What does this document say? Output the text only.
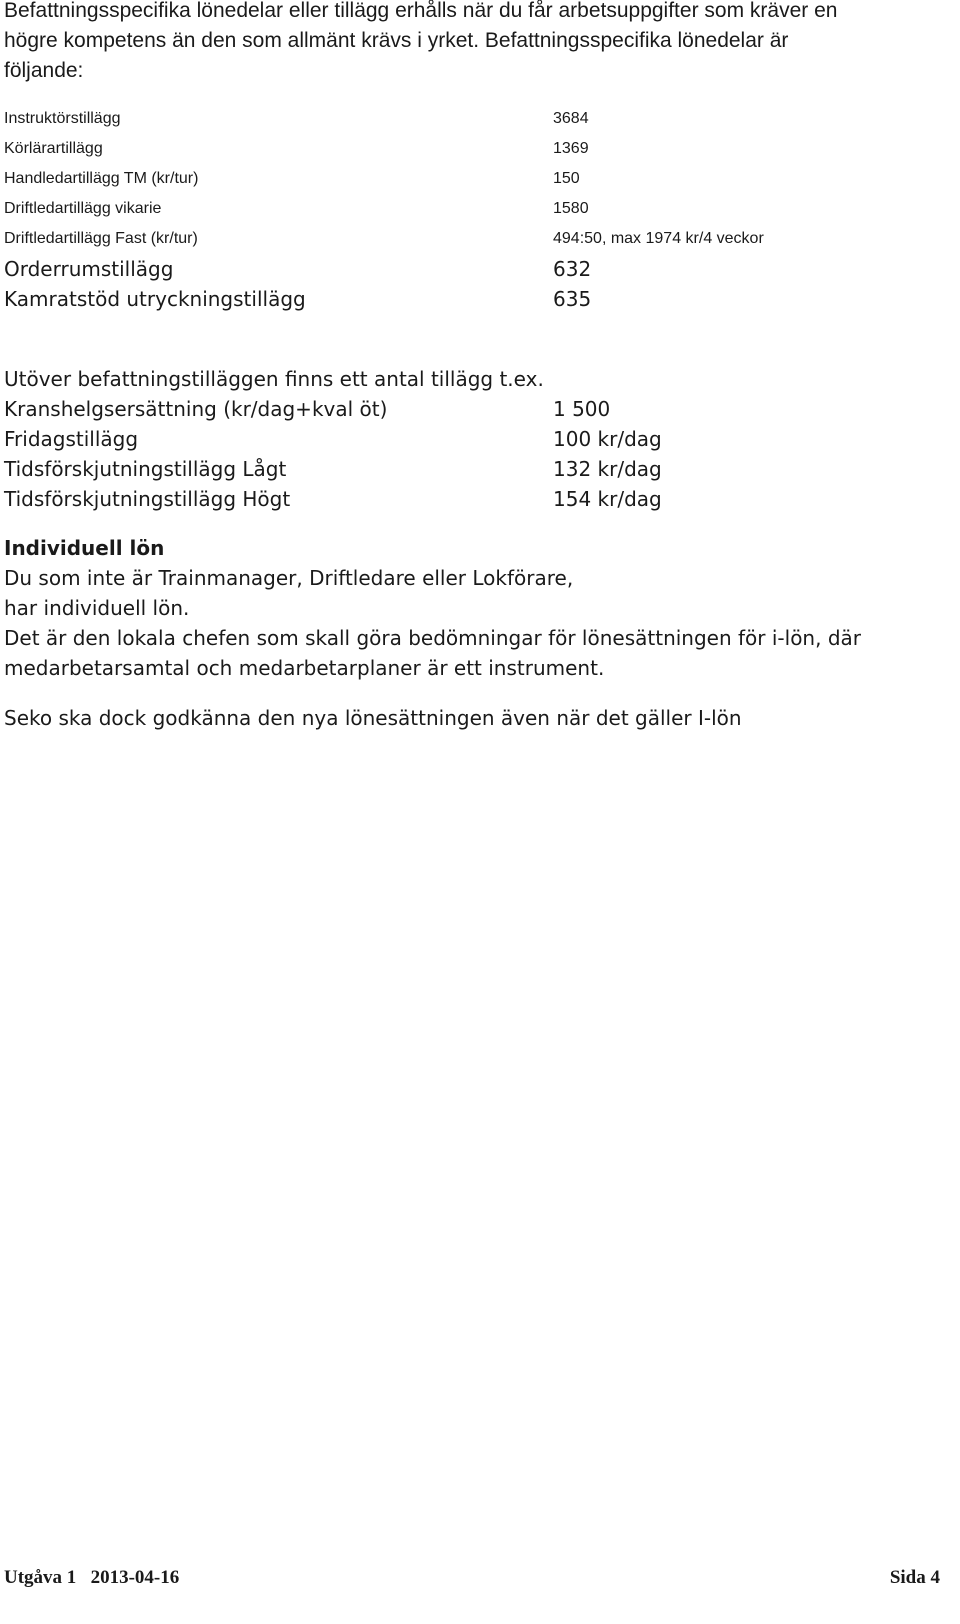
Befattningsspecifika lönedelar eller tillägg erhålls när du får arbetsuppgifter som kräver en
högre kompetens än den som allmänt krävs i yrket. Befattningsspecifika lönedelar är
följande:
Instruktörstillägg	3684
Körlärartillägg	1369
Handledartillägg TM (kr/tur)	150
Driftledartillägg vikarie	1580
Driftledartillägg Fast (kr/tur)	494:50, max 1974 kr/4 veckor
Orderrumstillägg	632
Kamratstöd utryckningstillägg	635
Utöver befattningstilläggen finns ett antal tillägg t.ex.
Kranshelgsersättning (kr/dag+kval öt)	1 500
Fridagstillägg	100 kr/dag
Tidsförskjutningstillägg Lågt	132 kr/dag
Tidsförskjutningstillägg Högt	154 kr/dag
Individuell lön
Du som inte är Trainmanager, Driftledare eller Lokförare,
har individuell lön.
Det är den lokala chefen som skall göra bedömningar för lönesättningen för i-lön, där
medarbetarsamtal och medarbetarplaner är ett instrument.
Seko ska dock godkänna den nya lönesättningen även när det gäller I-lön
Utgåva 1 2013-04-16	Sida 4
